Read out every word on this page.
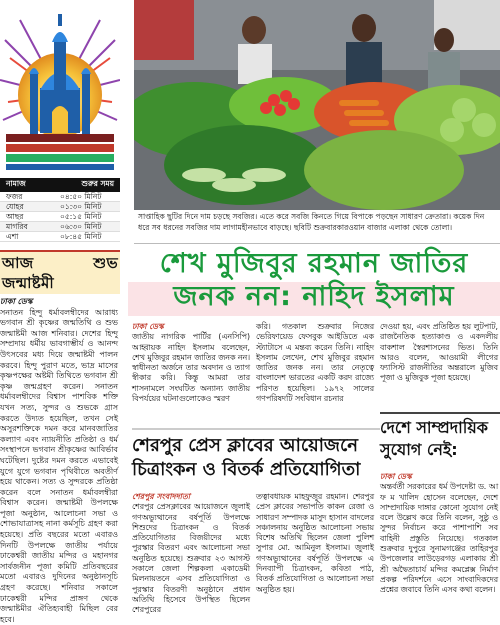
নামাজ	শুরুর সময়
ফজর	০৪:৫০ মিনিট
যোহর	০১:৩০ মিনিট
আছর	০৫:১৫ মিনিট
মাগরিব	০৬:৩০ মিনিট
এশা	০৮:৪৫ মিনিট
আজ শুভ জন্মাষ্টমী
ঢাকা ডেস্ক

সনাতন হিন্দু ধর্মাবলম্বীদের আরাধ্য ভগবান শ্রী কৃষ্ণের জন্মতিথি ও শুভ জন্মাষ্টমী আজ শনিবার। দেশের হিন্দু সম্প্রদায় ধর্মীয় ভাবগাম্ভীর্য ও আনন্দ উৎসবের মধ্য দিয়ে জন্মাষ্টমী পালন করবে। হিন্দু পুরাণ মতে, ভাদ্র মাসের কৃষ্ণপক্ষের অষ্টমী তিথিতে ভগবান শ্রী কৃষ্ণ জন্মগ্রহণ করেন। সনাতন ধর্মাবলম্বীদের বিশ্বাস পাশবিক শক্তি যখন সত্য, সুন্দর ও শুভকে গ্রাস করতে উদ্যত হয়েছিল, তখন সেই অসুরশক্তিকে দমন করে মানবজাতির কল্যাণ এবং ন্যায়নীতি প্রতিষ্ঠা ও ধর্ম সংস্থাপনে ভগবান শ্রীকৃষ্ণের আবির্ভাব ঘটেছিল। দুষ্টের দমন করতে এভাবেই যুগে যুগে ভগবান পৃথিবীতে অবতীর্ণ হয়ে থাকেন। সত্য ও সুন্দরকে প্রতিষ্ঠা করেন বলে সনাতন ধর্মাবলম্বীরা বিশ্বাস করেন। জন্মাষ্টমী উপলক্ষে পূজা অনুষ্ঠান, আলোচনা সভা ও শোভাযাত্রাসহ নানা কর্মসূচি গ্রহণ করা হয়েছে। প্রতি বছরের মতো এবারও দিনটি উপলক্ষে জাতীয় পর্যায়ে ঢাকেশ্বরী জাতীয় মন্দির ও মহানগর সার্বজনীন পূজা কমিটি প্রতিবছরের মতো এবারও দুদিনের অনুষ্ঠানসূচি গ্রহণ করেছে। শনিবার সকালে ঢাকেশ্বরী মন্দির প্রাঙ্গণ থেকে জন্মাষ্টমীর ঐতিহ্যবাহী মিছিল বের হবে।

সাপ্তাহিক ছুটির দিনে দাম চড়ছে সবজির। এতে করে সবজি কিনতে গিয়ে বিপাকে পড়ছেন সাধারণ ক্রেতারা। কয়েক দিন ধরে সব ধরনের সবজির দাম লাগামহীনভাবে বাড়ছে। ছবিটি শুক্রবারকারওয়ান বাজার এলাকা থেকে তোলা।
শেখ মুজিবুর রহমান জাতির জনক নন: নাহিদ ইসলাম
ঢাকা ডেস্ক
জাতীয় নাগরিক পার্টির (এনসিপি) আহ্বায়ক নাহিদ ইসলাম বলেছেন, শেখ মুজিবুর রহমান জাতির জনক নন। স্বাধীনতা অর্জনে তার অবদান ও ত্যাগ স্বীকার করি। কিন্তু আমরা তার শাসনামলে সংঘটিত অন্যান্য জাতীয় বিপর্যয়ের ঘটনাগুলোকেও স্মরণ
করি। গতকাল শুক্রবার নিজের ভেরিফায়েড ফেসবুক আইডিতে এক স্ট্যাটাসে এ মন্তব্য করেন তিনি। নাহিদ ইসলাম লেখেন, শেখ মুজিবুর রহমান জাতির জনক নন। তার নেতৃত্বে বাংলাদেশ ভারতের একটি করদ রাজ্যে পরিণত হয়েছিল। ১৯৭২ সালের গণপরিষদটি সংবিধান রচনার
দেওয়া হয়, এবং প্রতিষ্ঠিত হয় লুটপাট, রাজনৈতিক হত্যাকাণ্ড ও একদলীয় বাকশাল স্বৈরশাসনের ভিত। তিনি আরও বলেন, আওয়ামী লীগের ফ্যাসিস্ট রাজনীতির অন্তরালে মুজিব পূজা ও মুজিবুক পূজা হয়েছে।
শেরপুর প্রেস ক্লাবের আয়োজনে চিত্রাংকন ও বিতর্ক প্রতিযোগিতা
শেরপুর সংবাদদাতা
শেরপুর প্রেসক্লাবের আয়োজনে জুলাই গণঅভ্যুত্থানের বর্ষপূর্তি উপলক্ষে শিশুদের চিত্রাংকন ও বিতর্ক প্রতিযোগিতার বিজয়ীদের মধ্যে পুরস্কার বিতরণ এবং আলোচনা সভা অনুষ্ঠিত হয়েছে। শুক্রবার ২৩ আগস্ট সকালে জেলা শিল্পকলা একাডেমী মিলনায়তনে এসব প্রতিযোগিতা ও পুরস্কার বিতরণী অনুষ্ঠানে প্রধান অতিথি হিসেবে উপস্থিত ছিলেন শেরপুরের
তত্বাবধায়ক মাহফুজুর রহমান। শেরপুর প্রেস ক্লাবের সভাপতি কাকন রেজা ও সাধারণ সম্পাদক মাসুদ হাসান বাদলের সঞ্চালনায় অনুষ্ঠিত আলোচনা সভায় বিশেষ অতিথি ছিলেন জেলা পুলিশ সুপার মো. আমিনুল ইসলাম। জুলাই গণঅভ্যুত্থানের বর্ষপূর্তি উপলক্ষে এ দিনব্যাপী চিত্রাংকন, কবিতা পাঠ, বিতর্ক প্রতিযোগিতা ও আলোচনা সভা অনুষ্ঠিত হয়।
দেশে সাম্প্রদায়িক সুযোগ নেই:
ঢাকা ডেস্ক
অন্তর্বর্তী সরকারের ধর্ম উপদেষ্টা ড. আ ফ ম খালিদ হোসেন বলেছেন, দেশে সাম্প্রদায়িক দাঙ্গার কোনো সুযোগ নেই বলে উল্লেখ করে তিনি বলেন, সুষ্ঠু ও সুন্দর নির্বাচন করে পাশাপাশি সব বাহিনী প্রস্তুতি নিয়েছে। গতকাল শুক্রবার দুপুরে সুনামগঞ্জের তাহিরপুর উপজেলার লাউড়েরগড় এলাকায় শ্রী শ্রী অদ্বৈতাচার্য মন্দির কমপ্লেক্স নির্মাণ প্রকল্প পরিদর্শনে এসে সাংবাদিকদের প্রশ্নের জবাবে তিনি এসব কথা বলেন।
